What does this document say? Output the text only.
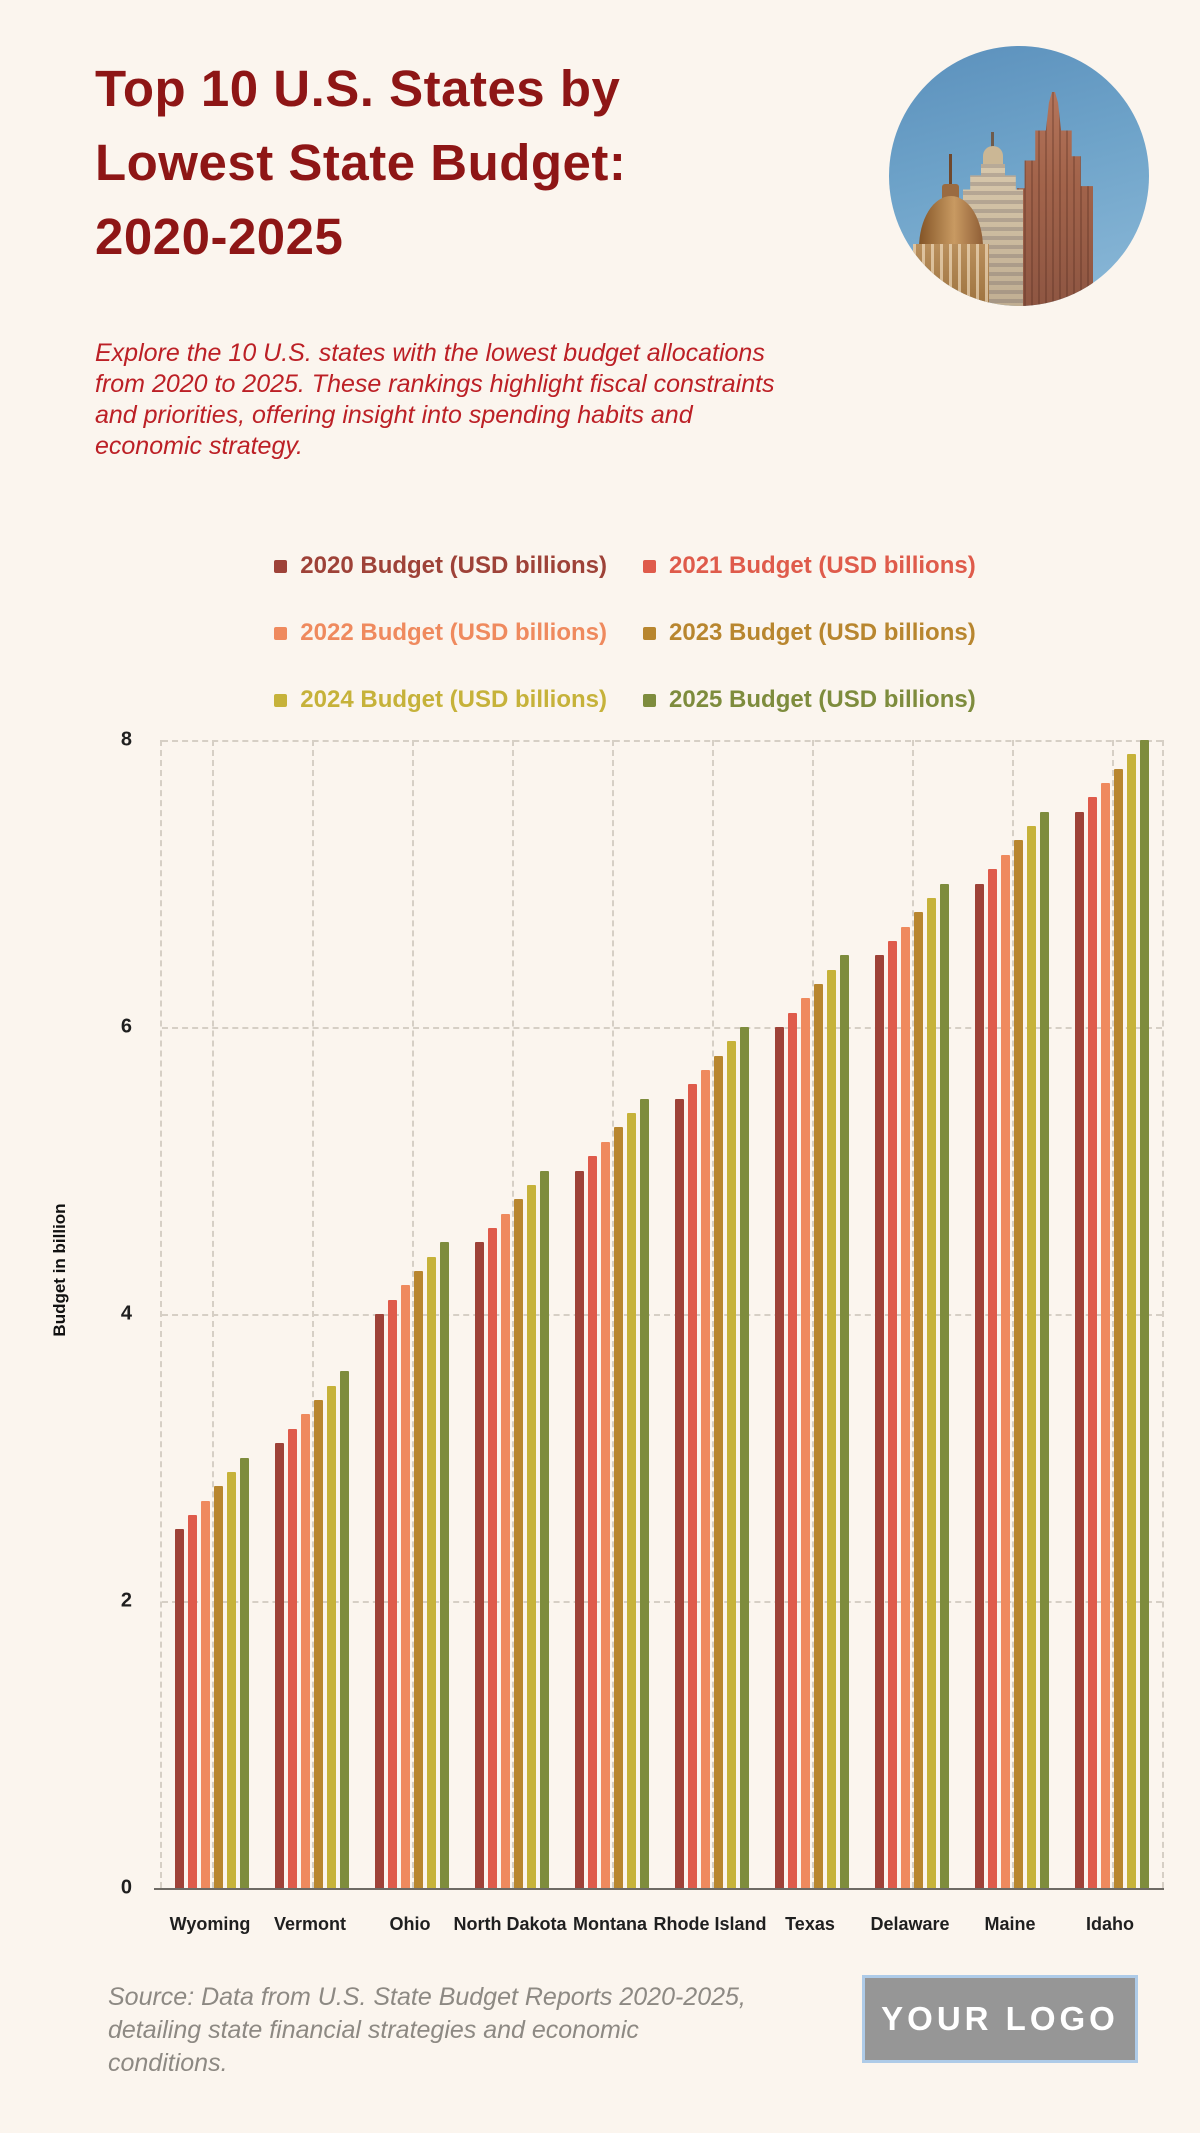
Top 10 U.S. States by
Lowest State Budget:
2020-2025
Explore the 10 U.S. states with the lowest budget allocations
from 2020 to 2025. These rankings highlight fiscal constraints
and priorities, offering insight into spending habits and
economic strategy.
2020 Budget (USD billions)	2021 Budget (USD billions)
2022 Budget (USD billions)	2023 Budget (USD billions)
2024 Budget (USD billions)	2025 Budget (USD billions)
Budget in billion
0
2
4
6
8
Wyoming Vermont Ohio North Dakota Montana Rhode Island Texas Delaware Maine	Idaho
Source: Data from U.S. State Budget Reports 2020-2025,
detailing state financial strategies and economic conditions.
YOUR LOGO
